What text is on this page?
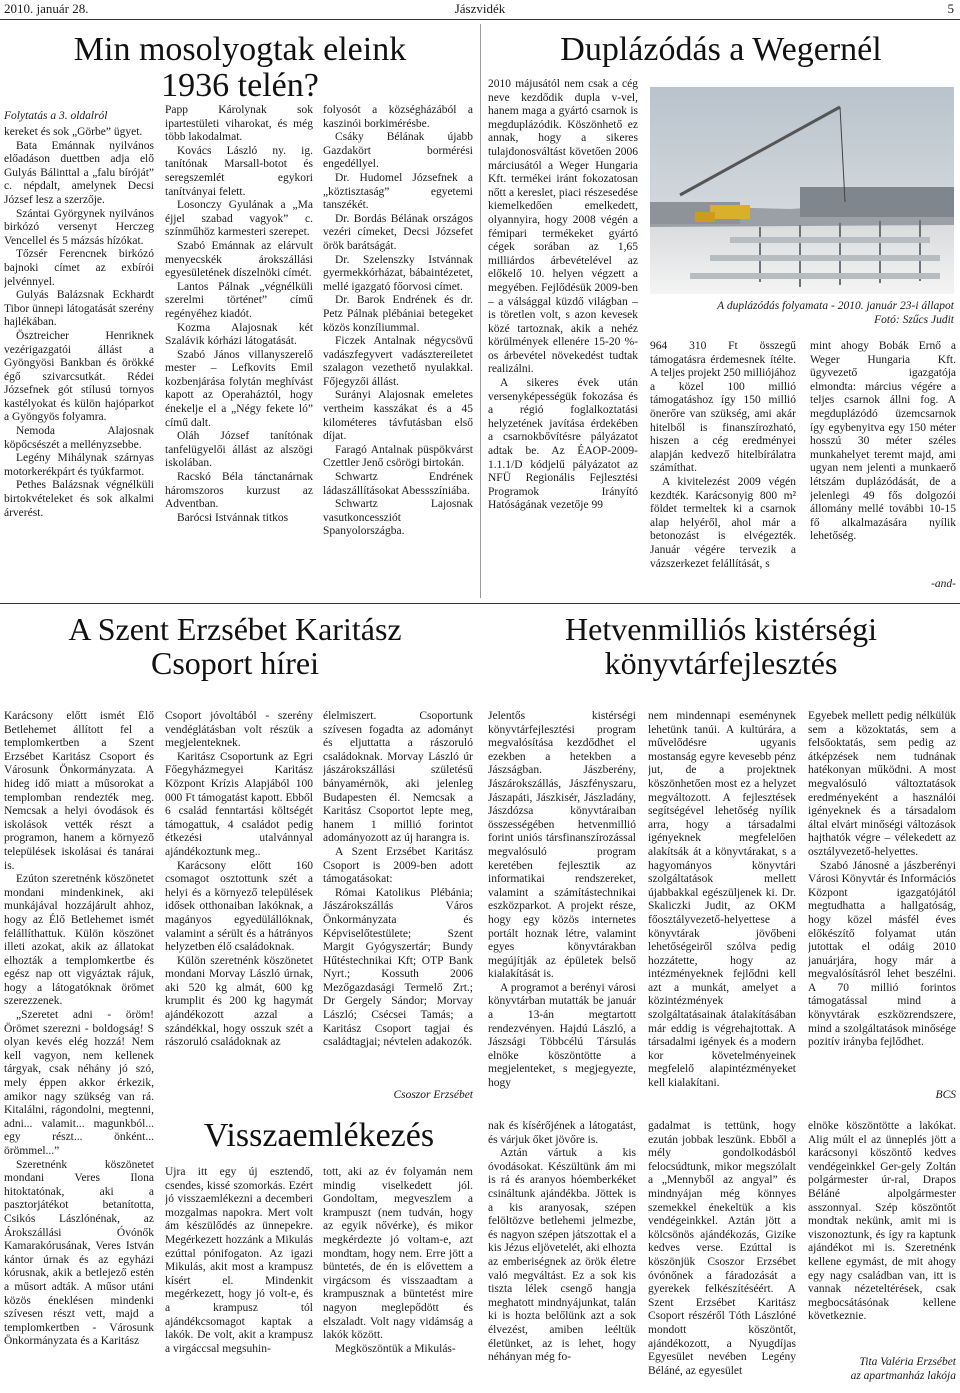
2010. január 28.	Jászvidék	5
Min mosolyogtak eleink
1936 telén?
Folytatás a 3. oldalról

kereket és sok „Görbe” ügyet.

Bata Emánnak nyilvános előadáson duettben adja elő Gulyás Bálinttal a „falu bíróját” c. népdalt, amelynek Decsi József lesz a szerzője.

Szántai Györgynek nyilvános birkózó versenyt Herczeg Vencellel és 5 mázsás hízókat.

Tőzsér Ferencnek birkózó bajnoki címet az exbírói jelvénnyel.

Gulyás Balázsnak Eckhardt Tibor ünnepi látogatását szerény hajlékában.

Ösztreicher Henriknek vezérigazgatói állást a Gyöngyösi Bankban és örökké égő szivarcsutkát. Rédei Józsefnek gót stílusú tornyos kastélyokat és külön hajóparkot a Gyöngyös folyamra.

Nemoda Alajosnak köpőcsészét a mellényzsebbe.

Legény Mihálynak szárnyas motorkerékpárt és tyúkfarmot.

Pethes Balázsnak végnélküli birtokvételeket és sok alkalmi árverést.

Papp Károlynak sok ipartestületi viharokat, és még több lakodalmat.

Kovács László ny. ig. tanítónak Marsall-botot és seregszemlét egykori tanítványai felett.

Losonczy Gyulának a „Ma éjjel szabad vagyok” c. színműhöz karmesteri szerepet.

Szabó Emánnak az elárvult menyecskék árokszállási egyesületének díszelnöki címét.

Lantos Pálnak „végnélküli szerelmi történet” című regényéhez kiadót.

Kozma Alajosnak két Szalávik kórházi látogatását.

Szabó János villanyszerelő mester – Lefkovits Emil kozbenjárása folytán meghívást kapott az Operaháztól, hogy énekelje el a „Négy fekete ló” című dalt.

Oláh József tanítónak tanfelügyelői állást az alszögi iskolában.

Racskó Béla tánctanárnak háromszoros kurzust az Adventban.

Barócsi Istvánnak titkos

folyosót a községházából a kaszinói borkimérésbe.

Csáky Bélának újabb Gazdakört bormérési engedéllyel.

Dr. Hudomel Józsefnek a „köztisztaság” egyetemi tanszékét.

Dr. Bordás Bélának országos vezéri címeket, Decsi Józsefet örök barátságát.

Dr. Szelenszky Istvánnak gyermekkórházat, bábaintézetet, mellé igazgató főorvosi címet.

Dr. Barok Endrének és dr. Petz Pálnak plébániai betegeket közös konzíliummal.

Ficzek Antalnak négycsövű vadászfegyvert vadásztereiletet szalagon vezethető nyulakkal. Főjegyzői állást.

Surányi Alajosnak emeletes vertheim kasszákat és a 45 kilométeres távfutásban első díjat.

Faragó Antalnak püspökvárst Czettler Jenő csörögi birtokán.

Schwartz Endrének ládaszállításokat Abessszíniába.

Schwartz Lajosnak vasutkoncessziót Spanyolországba.

Duplázódás a Wegernél

2010 májusától nem csak a cég neve kezdődik dupla v-vel, hanem maga a gyártó csarnok is megduplázódik. Köszönhető ez annak, hogy a sikeres tulajdonosváltást követően 2006 márciusától a Weger Hungaria Kft. termékei iránt fokozatosan nőtt a kereslet, piaci részesedése kiemelkedően emelkedett, olyannyira, hogy 2008 végén a fémipari termékeket gyártó cégek sorában az 1,65 milliárdos árbevételével az előkelő 10. helyen végzett a megyében. Fejlődésük 2009-ben – a válsággal küzdő világban – is töretlen volt, s azon kevesek közé tartoznak, akik a nehéz körülmények ellenére 15-20 %-os árbevétel növekedést tudtak realizálni.

A sikeres évek után versenyképességük fokozása és a régió foglalkoztatási helyzetének javítása érdekében a csarnokbővítésre pályázatot adtak be. Az ÉAOP-2009-1.1.1/D kódjelű pályázatot az NFÜ Regionális Fejlesztési Programok Irányító Hatóságának vezetője 99

A duplázódás folyamata - 2010. január 23-i állapot
Fotó: Szűcs Judit

964 310 Ft összegű támogatásra érdemesnek ítélte. A teljes projekt 250 milliójához a közel 100 millió támogatáshoz így 150 millió önerőre van szükség, ami akár hitelből is finanszírozható, hiszen a cég eredményei alapján kedvező hitelbírálatra számíthat.

A kivitelezést 2009 végén kezdték. Karácsonyig 800 m² földet termeltek ki a csarnok alap helyéről, ahol már a betonozást is elvégezték. Január végére tervezik a vázszerkezet felállítását, s

mint ahogy Bobák Ernő a Weger Hungaria Kft. ügyvezető igazgatója elmondta: március végére a teljes csarnok állni fog. A megduplázódó üzemcsarnok így egybenyitva egy 150 méter hosszú 30 méter széles munkahelyet teremt majd, ami ugyan nem jelenti a munkaerő létszám duplázódását, de a jelenlegi 49 fős dolgozói állomány mellé további 10-15 fő alkalmazására nyílik lehetőség.

-and-

A Szent Erzsébet Karitász
Csoport hírei

Karácsony előtt ismét Élő Betlehemet állított fel a templomkertben a Szent Erzsébet Karitász Csoport és Városunk Önkormányzata. A hideg idő miatt a műsorokat a templomban rendezték meg. Nemcsak a helyi óvodások és iskolások vették részt a programon, hanem a környező települések iskolásai és tanárai is.

Ezúton szeretnénk köszönetet mondani mindenkinek, aki munkájával hozzájárult ahhoz, hogy az Élő Betlehemet ismét felállíthattuk. Külön köszönet illeti azokat, akik az állatokat elhozták a templomkertbe és egész nap ott vigyáztak rájuk, hogy a látogatóknak örömet szerezzenek.

„Szeretet adni - öröm! Örömet szerezni - boldogság! S olyan kevés elég hozzá! Nem kell vagyon, nem kellenek tárgyak, csak néhány jó szó, mely éppen akkor érkezik, amikor nagy szükség van rá. Kitalálni, rágondolni, megtenni, adni... valamit... magunkból... egy részt... önként... örömmel...”

Szeretnénk köszönetet mondani Veres Ilona hitoktatónak, aki a pasztorjátékot betanította, Csikós Lászlónénak, az Árokszállási Óvónők Kamarakórusának, Veres István kántor úrnak és az egyházi kórusnak, akik a betlejező estén a műsort adták. A műsor utáni közös éneklésen mindenki szívesen részt vett, majd a templomkertben - Városunk Önkormányzata és a Karitász

Csoport jóvoltából - szerény vendéglátásban volt részük a megjelenteknek.

Karitász Csoportunk az Egri Főegyházmegyei Karitász Központ Krízis Alapjából 100 000 Ft támogatást kapott. Ebből 6 család fenntartási költségét támogattuk, 4 családot pedig étkezési utalvánnyal ajándékoztunk meg..

Karácsony előtt 160 csomagot osztottunk szét a helyi és a környező települések idősek otthonaiban lakóknak, a magányos egyedülállóknak, valamint a sérült és a hátrányos helyzetben élő családoknak.

Külön szeretnénk köszönetet mondani Morvay László úrnak, aki 520 kg almát, 600 kg krumplit és 200 kg hagymát ajándékozott azzal a szándékkal, hogy osszuk szét a rászoruló családoknak az

élelmiszert. Csoportunk szívesen fogadta az adományt és eljuttatta a rászoruló családoknak. Morvay László úr jászárokszállási születésű bányamérnök, aki jelenleg Budapesten él. Nemcsak a Karitász Csoportot lepte meg, hanem 1 millió forintot adományozott az új harangra is.

A Szent Erzsébet Karitász Csoport is 2009-ben adott támogatásokat:

Római Katolikus Plébánia; Jászárokszállás Város Önkormányzata és Képviselőtestülete; Szent Margit Gyógyszertár; Bundy Hűtéstechnikai Kft; OTP Bank Nyrt.; Kossuth 2006 Mezőgazdasági Termelő Zrt.; Dr Gergely Sándor; Morvay László; Csécsei Tamás; a Karitász Csoport tagjai és családtagjai; névtelen adakozók.

Csoszor Erzsébet

Hetvenmilliós kistérségi
könyvtárfejlesztés

Jelentős kistérségi könyvtárfejlesztési program megvalósítása kezdődhet el ezekben a hetekben a Jászságban. Jászberény, Jászárokszállás, Jászfényszaru, Jászapáti, Jászkisér, Jászladány, Jászdózsa könyvtáraiban összességében hetvenmillió forint uniós társfinanszírozással megvalósuló program keretében fejlesztik az informatikai rendszereket, valamint a számítástechnikai eszközparkot. A projekt része, hogy egy közös internetes portált hoznak létre, valamint egyes könyvtárakban megújítják az épületek belső kialakítását is.

A programot a berényi városi könyvtárban mutatták be január a 13-án megtartott rendezvényen. Hajdú László, a Jászsági Többcélú Társulás elnöke köszöntötte a megjelenteket, s megjegyezte, hogy

nem mindennapi eseménynek lehetünk tanúi. A kultúrára, a művelődésre ugyanis mostanság egyre kevesebb pénz jut, de a projektnek köszönhetően most ez a helyzet megváltozott. A fejlesztések segítségével lehetőség nyílik arra, hogy a társadalmi igényeknek megfelelően alakítsák át a könyvtárakat, s a hagyományos könyvtári szolgáltatások mellett újabbakkal egészüljenek ki. Dr. Skaliczki Judit, az OKM főosztályvezető-helyettese a könyvtárak jövőbeni lehetőségeiről szólva pedig hozzátette, hogy az intézményeknek fejlődni kell azt a munkát, amelyet a közintézmények szolgáltatásainak átalakításában már eddig is végrehajtottak. A társadalmi igények és a modern kor követelményeinek megfelelő alapintézményeket kell kialakítani.

Egyebek mellett pedig nélkülük sem a közoktatás, sem a felsőoktatás, sem pedig az átképzések nem tudnának hatékonyan működni. A most megvalósuló változtatások eredményeként a használói igényeknek és a társadalom által elvárt minőségi változások hajthatók végre – vélekedett az osztályvezető-helyettes.

Szabó Jánosné a jászberényi Városi Könyvtár és Információs Központ igazgatójától megtudhatta a hallgatóság, hogy közel másfél éves előkészítő folyamat után jutottak el odáig 2010 januárjára, hogy már a megvalósításról lehet beszélni. A 70 millió forintos támogatással mind a könyvtárak eszközrendszere, mind a szolgáltatások minősége pozitív irányba fejlődhet.

BCS

Visszaemlékezés

Újra itt egy új esztendő, csendes, kissé szomorkás. Ezért jó visszaemlékezni a decemberi mozgalmas napokra. Mert volt ám készülődés az ünnepekre. Megérkezett hozzánk a Mikulás ezúttal pónifogaton. Az igazi Mikulás, akit most a krampusz kísért el. Mindenkit megérkezett, hogy jó volt-e, és a krampusz tól ajándékcsomagot kaptak a lakók. De volt, akit a krampusz a virgáccsal megsuhin-

tott, aki az év folyamán nem mindig viselkedett jól. Gondoltam, megveszlem a krampuszt (nem tudván, hogy az egyik nővérke), és mikor megkérdezte jó voltam-e, azt mondtam, hogy nem. Erre jött a büntetés, de én is elővettem a virgácsom és visszaadtam a krampusznak a büntetést mire nagyon meglepődött és elszaladt. Volt nagy vidámság a lakók között.

Megköszöntük a Mikulás-

nak és kísérőjének a látogatást, és várjuk őket jövőre is.

Aztán vártuk a kis óvodásokat. Készültünk ám mi is rá és aranyos hóemberkéket csináltunk ajándékba. Jöttek is a kis aranyosak, szépen felöltözve betlehemi jelmezbe, és nagyon szépen játszottak el a kis Jézus eljövetelét, aki elhozta az emberiségnek az örök életre való megváltást. Ez a sok kis tiszta lélek csengő hangja meghatott mindnyájunkat, talán ki is hozta belőlünk azt a sok élvezést, amiben leéltük életünket, az is lehet, hogy néhányan még fo-

gadalmat is tettünk, hogy ezután jobbak leszünk. Ebből a mély gondolkodásból felocsúdtunk, mikor megszólalt a „Mennyből az angyal” és mindnyájan még könnyes szemekkel énekeltük a kis vendégeinkkel. Aztán jött a kölcsönös ajándékozás, Gizike kedves verse. Ezúttal is köszönjük Csoszor Erzsébet óvónőnek a fáradozását a gyerekek felkészítéséért. A Szent Erzsébet Karitász Csoport részéről Tóth Lászlóné mondott köszöntőt, ajándékozott, a Nyugdíjas Egyesület nevében Legény Béláné, az egyesület

elnöke köszöntötte a lakókat. Alig múlt el az ünneplés jött a karácsonyi köszöntő kedves vendégeinkkel Ger-gely Zoltán polgármester úr-ral, Drapos Béláné alpolgármester asszonnyal. Szép köszöntőt mondtak nekünk, amit mi is viszonoztunk, és így ra kaptunk ajándékot mi is. Szeretnénk kellene egymást, de mit ahogy egy nagy családban van, itt is vannak nézeteltérések, csak megbocsátásónak kellene következnie.

Tita Valéria Erzsébet

az apartmanház lakója
